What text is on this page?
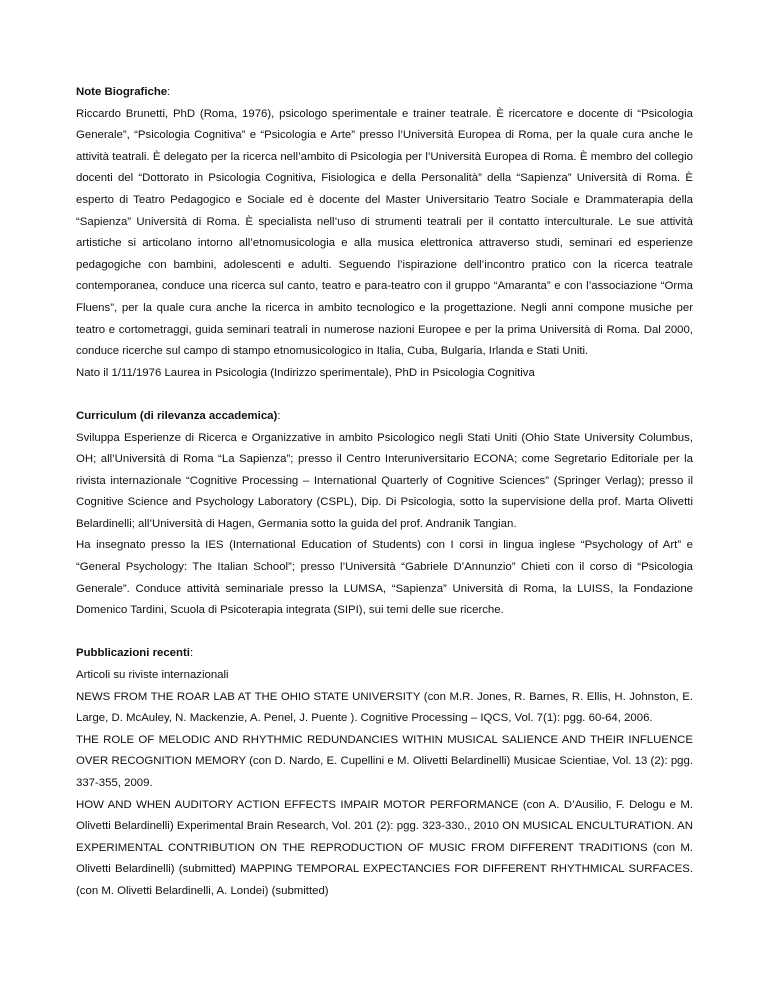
Note Biografiche:

Riccardo Brunetti, PhD (Roma, 1976), psicologo sperimentale e trainer teatrale. È ricercatore e docente di “Psicologia Generale”, “Psicologia Cognitiva” e “Psicologia e Arte” presso l’Università Europea di Roma, per la quale cura anche le attività teatrali. È delegato per la ricerca nell’ambito di Psicologia per l’Università Europea di Roma. È membro del collegio docenti del “Dottorato in Psicologia Cognitiva, Fisiologica e della Personalità” della “Sapienza” Università di Roma. È esperto di Teatro Pedagogico e Sociale ed è docente del Master Universitario Teatro Sociale e Drammaterapia della “Sapienza” Università di Roma. È specialista nell’uso di strumenti teatrali per il contatto interculturale. Le sue attività artistiche si articolano intorno all’etnomusicologia e alla musica elettronica attraverso studi, seminari ed esperienze pedagogiche con bambini, adolescenti e adulti. Seguendo l’ispirazione dell’incontro pratico con la ricerca teatrale contemporanea, conduce una ricerca sul canto, teatro e para-teatro con il gruppo “Amaranta” e con l’associazione “Orma Fluens”, per la quale cura anche la ricerca in ambito tecnologico e la progettazione. Negli anni compone musiche per teatro e cortometraggi, guida seminari teatrali in numerose nazioni Europee e per la prima Università di Roma. Dal 2000, conduce ricerche sul campo di stampo etnomusicologico in Italia, Cuba, Bulgaria, Irlanda e Stati Uniti.

Nato il 1/11/1976 Laurea in Psicologia (Indirizzo sperimentale), PhD in Psicologia Cognitiva

Curriculum (di rilevanza accademica):

Sviluppa Esperienze di Ricerca e Organizzative in ambito Psicologico negli Stati Uniti (Ohio State University Columbus, OH; all’Università di Roma “La Sapienza”; presso il Centro Interuniversitario ECONA; come Segretario Editoriale per la rivista internazionale “Cognitive Processing – International Quarterly of Cognitive Sciences” (Springer Verlag); presso il Cognitive Science and Psychology Laboratory (CSPL), Dip. Di Psicologia, sotto la supervisione della prof. Marta Olivetti Belardinelli; all’Università di Hagen, Germania sotto la guida del prof. Andranik Tangian.

Ha insegnato presso la IES (International Education of Students) con I corsi in lingua inglese “Psychology of Art” e “General Psychology: The Italian School”; presso l’Università “Gabriele D’Annunzio” Chieti con il corso di “Psicologia Generale”. Conduce attività seminariale presso la LUMSA, “Sapienza” Università di Roma, la LUISS, la Fondazione Domenico Tardini, Scuola di Psicoterapia integrata (SIPI), sui temi delle sue ricerche.

Pubblicazioni recenti:

Articoli su riviste internazionali

NEWS FROM THE ROAR LAB AT THE OHIO STATE UNIVERSITY (con M.R. Jones, R. Barnes, R. Ellis, H. Johnston, E. Large, D. McAuley, N. Mackenzie, A. Penel, J. Puente ). Cognitive Processing – IQCS, Vol. 7(1): pgg. 60-64, 2006.

THE ROLE OF MELODIC AND RHYTHMIC REDUNDANCIES WITHIN MUSICAL SALIENCE AND THEIR INFLUENCE OVER RECOGNITION MEMORY (con D. Nardo, E. Cupellini e M. Olivetti Belardinelli) Musicae Scientiae, Vol. 13 (2): pgg. 337-355, 2009.

HOW AND WHEN AUDITORY ACTION EFFECTS IMPAIR MOTOR PERFORMANCE (con A. D’Ausilio, F. Delogu e M. Olivetti Belardinelli) Experimental Brain Research, Vol. 201 (2): pgg. 323-330., 2010 ON MUSICAL ENCULTURATION. AN EXPERIMENTAL CONTRIBUTION ON THE REPRODUCTION OF MUSIC FROM DIFFERENT TRADITIONS (con M. Olivetti Belardinelli) (submitted) MAPPING TEMPORAL EXPECTANCIES FOR DIFFERENT RHYTHMICAL SURFACES. (con M. Olivetti Belardinelli, A. Londei) (submitted)
